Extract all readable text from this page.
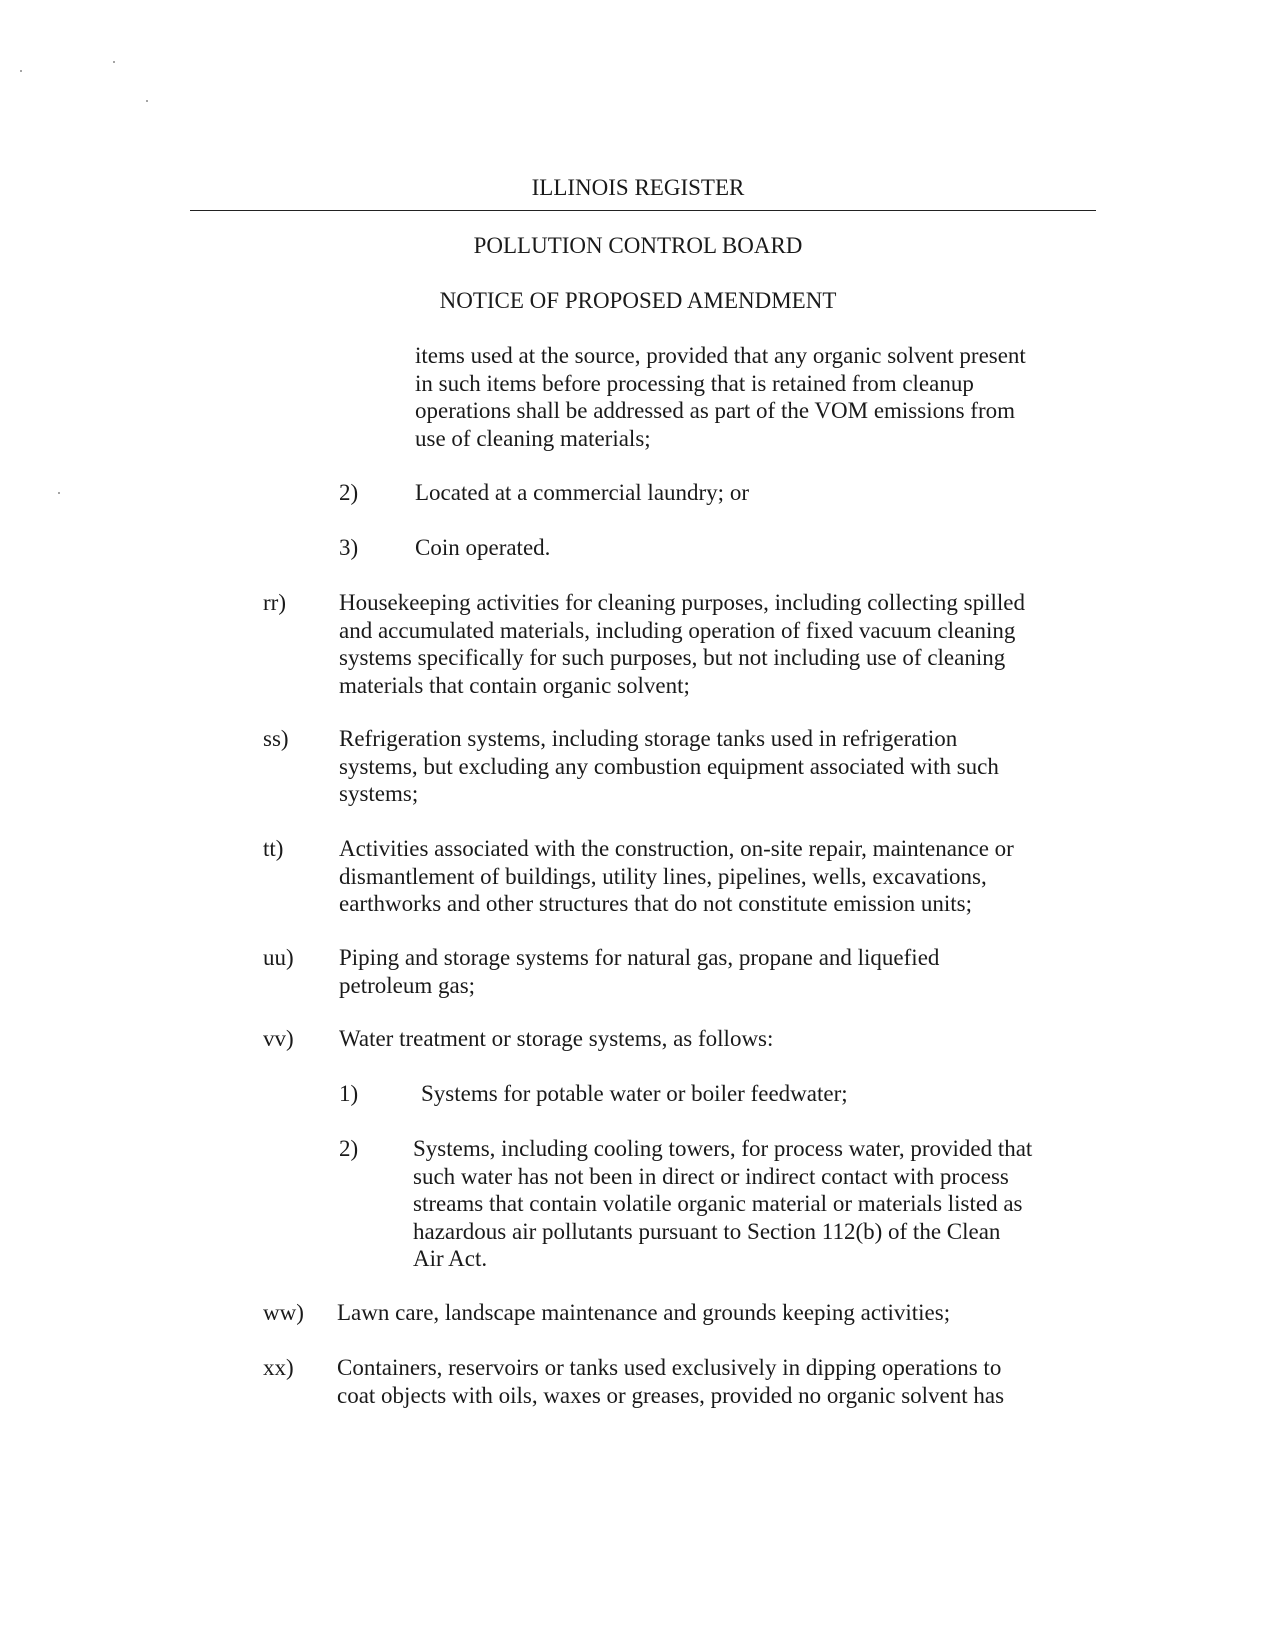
ILLINOIS REGISTER
POLLUTION CONTROL BOARD
NOTICE OF PROPOSED AMENDMENT
items used at the source, provided that any organic solvent present
in such items before processing that is retained from cleanup
operations shall be addressed as part of the VOM emissions from
use of cleaning materials;
2) Located at a commercial laundry; or
3) Coin operated.
rr) Housekeeping activities for cleaning purposes, including collecting spilled
and accumulated materials, including operation of fixed vacuum cleaning
systems specifically for such purposes, but not including use of cleaning
materials that contain organic solvent;
ss) Refrigeration systems, including storage tanks used in refrigeration
systems, but excluding any combustion equipment associated with such
systems;
tt) Activities associated with the construction, on-site repair, maintenance or
dismantlement of buildings, utility lines, pipelines, wells, excavations,
earthworks and other structures that do not constitute emission units;
uu) Piping and storage systems for natural gas, propane and liquefied
petroleum gas;
vv) Water treatment or storage systems, as follows:
1)	Systems for potable water or boiler feedwater;
2) Systems, including cooling towers, for process water, provided that
such water has not been in direct or indirect contact with process
streams that contain volatile organic material or materials listed as
hazardous air pollutants pursuant to Section 112(b) of the Clean
Air Act.
ww) Lawn care, landscape maintenance and grounds keeping activities;
xx) Containers, reservoirs or tanks used exclusively in dipping operations to
coat objects with oils, waxes or greases, provided no organic solvent has
